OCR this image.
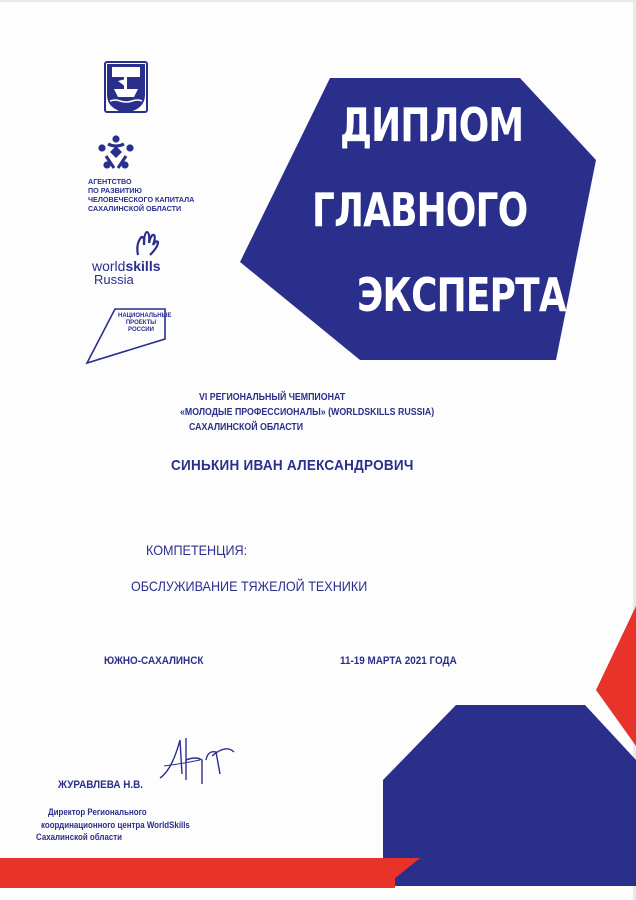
ДИПЛОМ
ГЛАВНОГО
ЭКСПЕРТА
АГЕНТСТВО
ПО РАЗВИТИЮ
ЧЕЛОВЕЧЕСКОГО КАПИТАЛА
САХАЛИНСКОЙ ОБЛАСТИ
worldskills
Russia
НАЦИОНАЛЬНЫЕ
ПРОЕКТЫ
РОССИИ
VI РЕГИОНАЛЬНЫЙ ЧЕМПИОНАТ
«МОЛОДЫЕ ПРОФЕССИОНАЛЫ» (WORLDSKILLS RUSSIA)
САХАЛИНСКОЙ ОБЛАСТИ
СИНЬКИН ИВАН АЛЕКСАНДРОВИЧ
КОМПЕТЕНЦИЯ:
ОБСЛУЖИВАНИЕ ТЯЖЕЛОЙ ТЕХНИКИ
ЮЖНО-САХАЛИНСК	11-19 МАРТА 2021 ГОДА
ЖУРАВЛЕВА Н.В.
Директор Регионального
координационного центра WorldSkills
Сахалинской области
